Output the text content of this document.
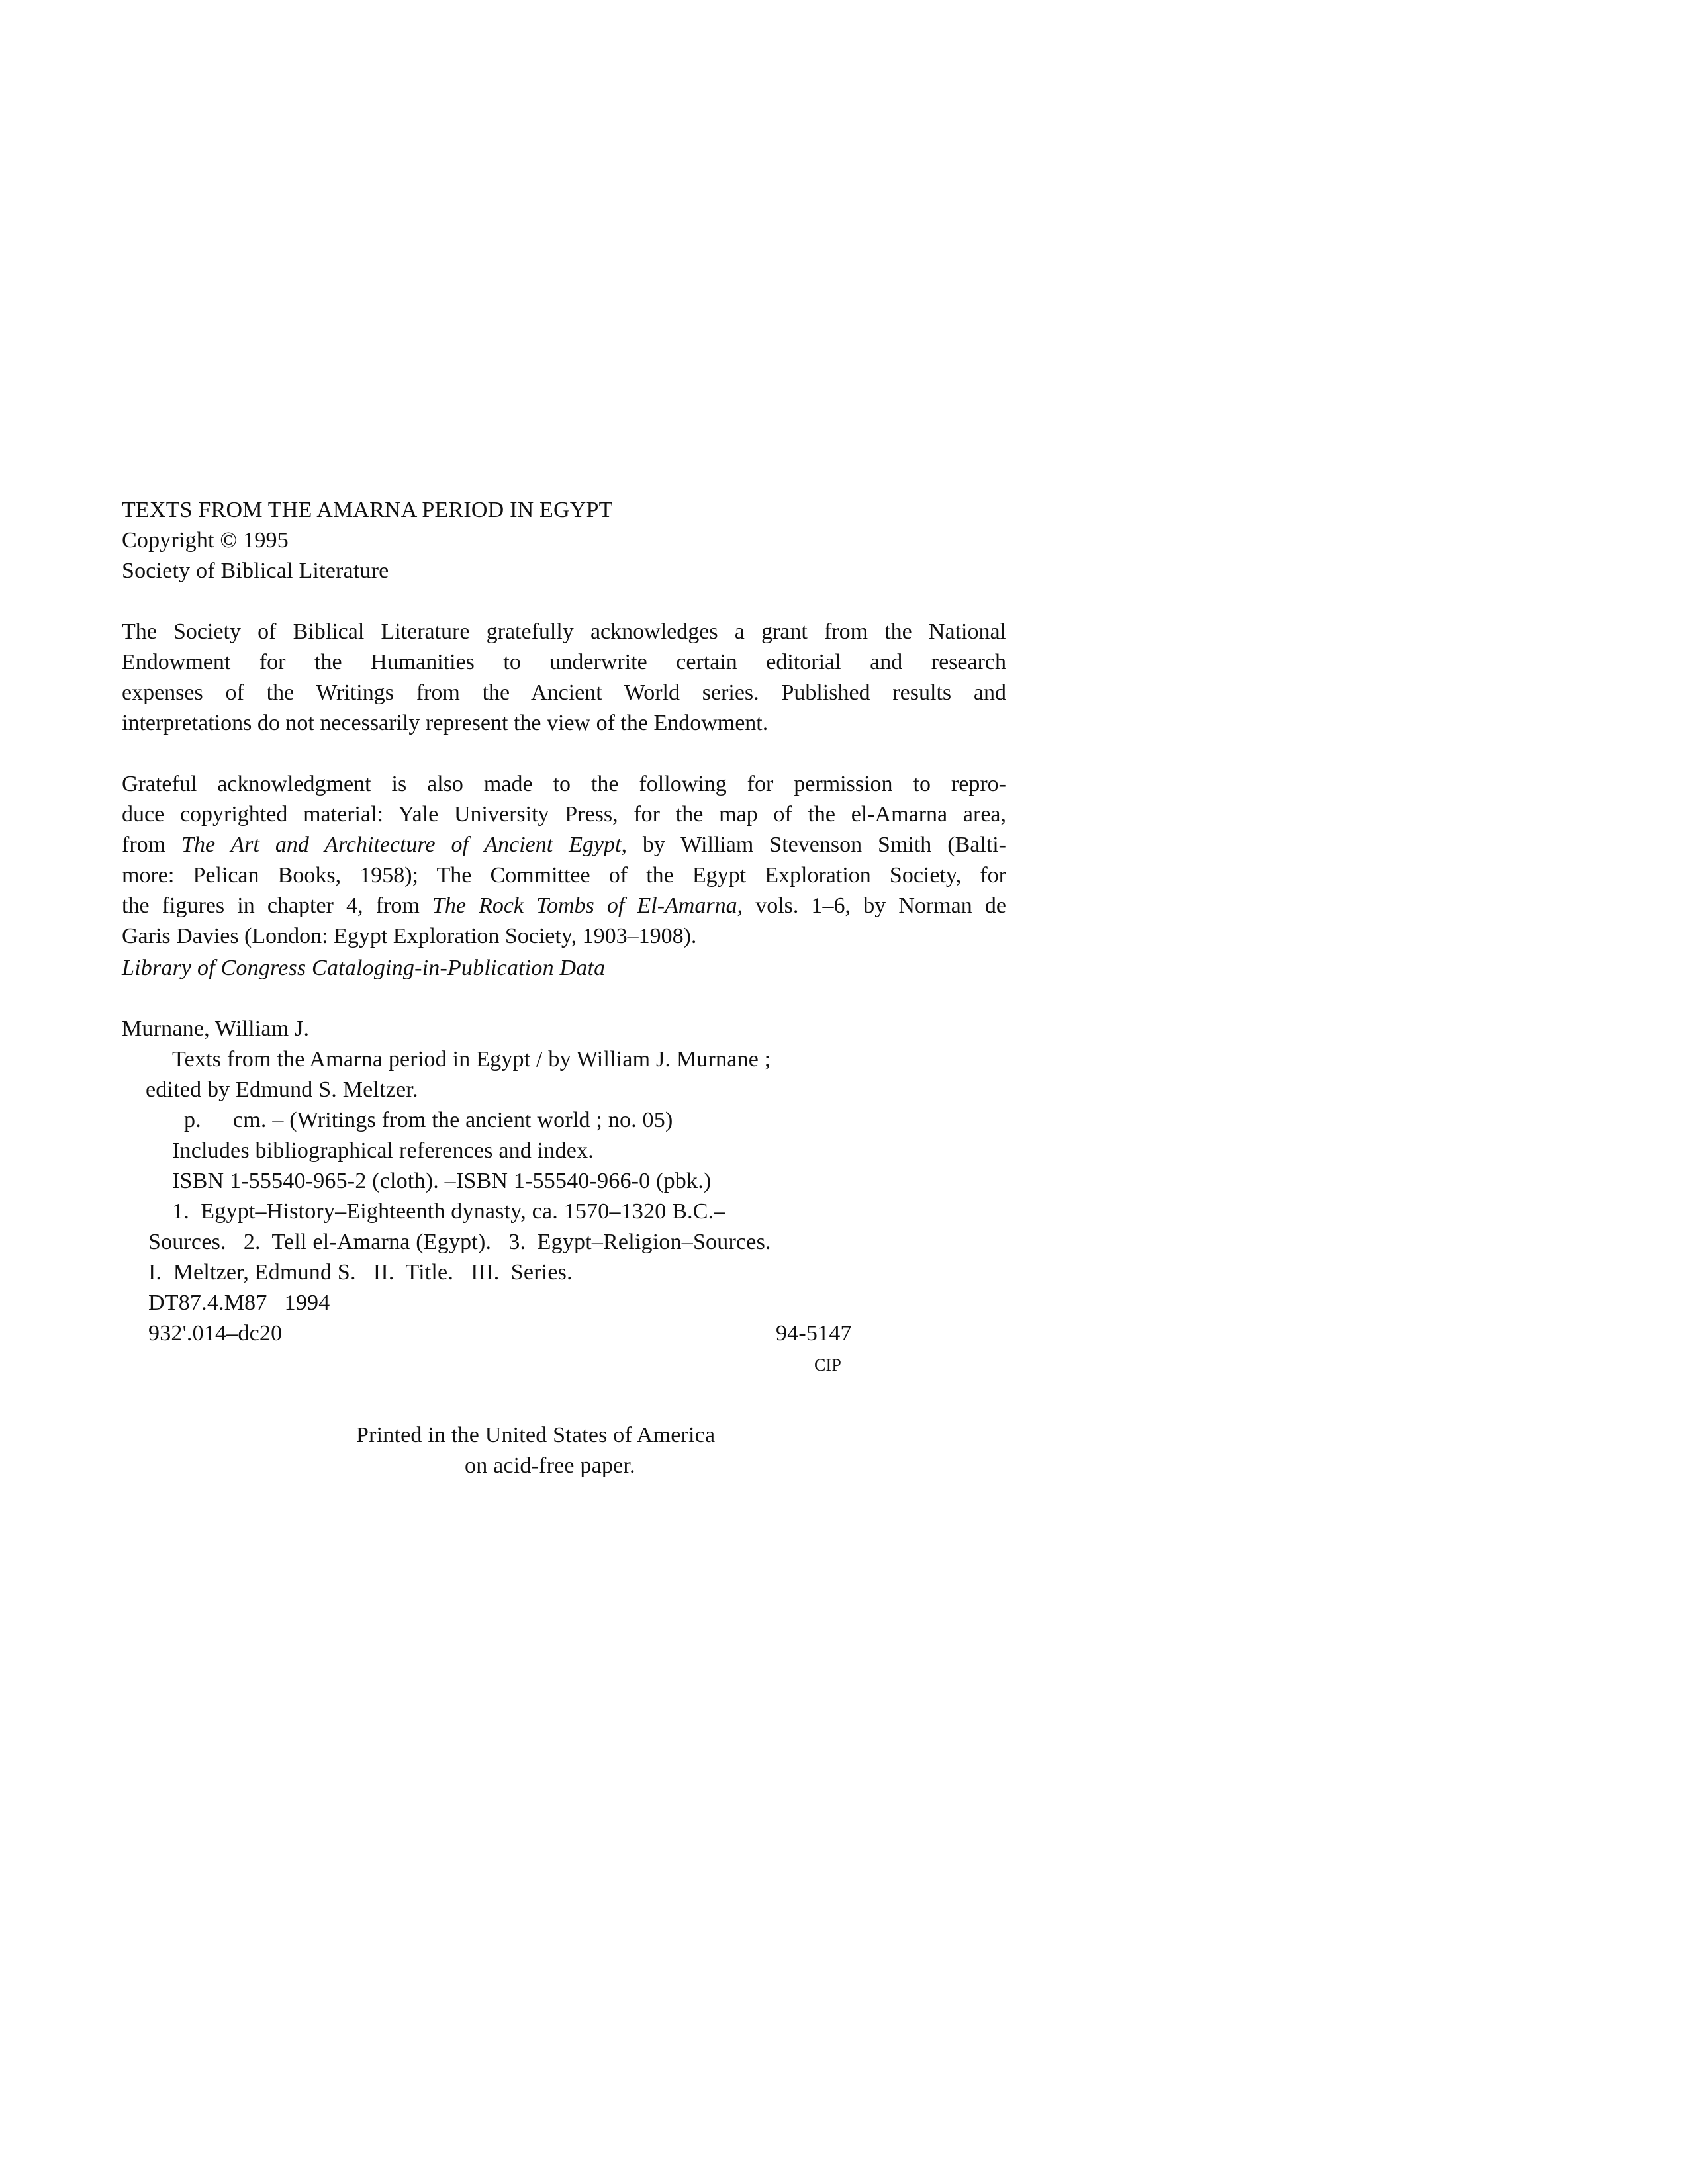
TEXTS FROM THE AMARNA PERIOD IN EGYPT
Copyright © 1995
Society of Biblical Literature
The Society of Biblical Literature gratefully acknowledges a grant from the National
Endowment for the Humanities to underwrite certain editorial and research
expenses of the Writings from the Ancient World series. Published results and
interpretations do not necessarily represent the view of the Endowment.
Grateful acknowledgment is also made to the following for permission to repro-
duce copyrighted material: Yale University Press, for the map of the el-Amarna area,
from The Art and Architecture of Ancient Egypt, by William Stevenson Smith (Balti-
more: Pelican Books, 1958); The Committee of the Egypt Exploration Society, for
the figures in chapter 4, from The Rock Tombs of El-Amarna, vols. 1–6, by Norman de
Garis Davies (London: Egypt Exploration Society, 1903–1908).
Library of Congress Cataloging-in-Publication Data
Murnane, William J.
Texts from the Amarna period in Egypt / by William J. Murnane ;
edited by Edmund S. Meltzer.
p. cm. – (Writings from the ancient world ; no. 05)
Includes bibliographical references and index.
ISBN 1-55540-965-2 (cloth). –ISBN 1-55540-966-0 (pbk.)
1.  Egypt–History–Eighteenth dynasty, ca. 1570–1320 B.C.–
Sources.   2.  Tell el-Amarna (Egypt).   3.  Egypt–Religion–Sources.
I.  Meltzer, Edmund S.   II.  Title.   III.  Series.
DT87.4.M87   1994
932'.014–dc20	94-5147
CIP
Printed in the United States of America
on acid-free paper.
